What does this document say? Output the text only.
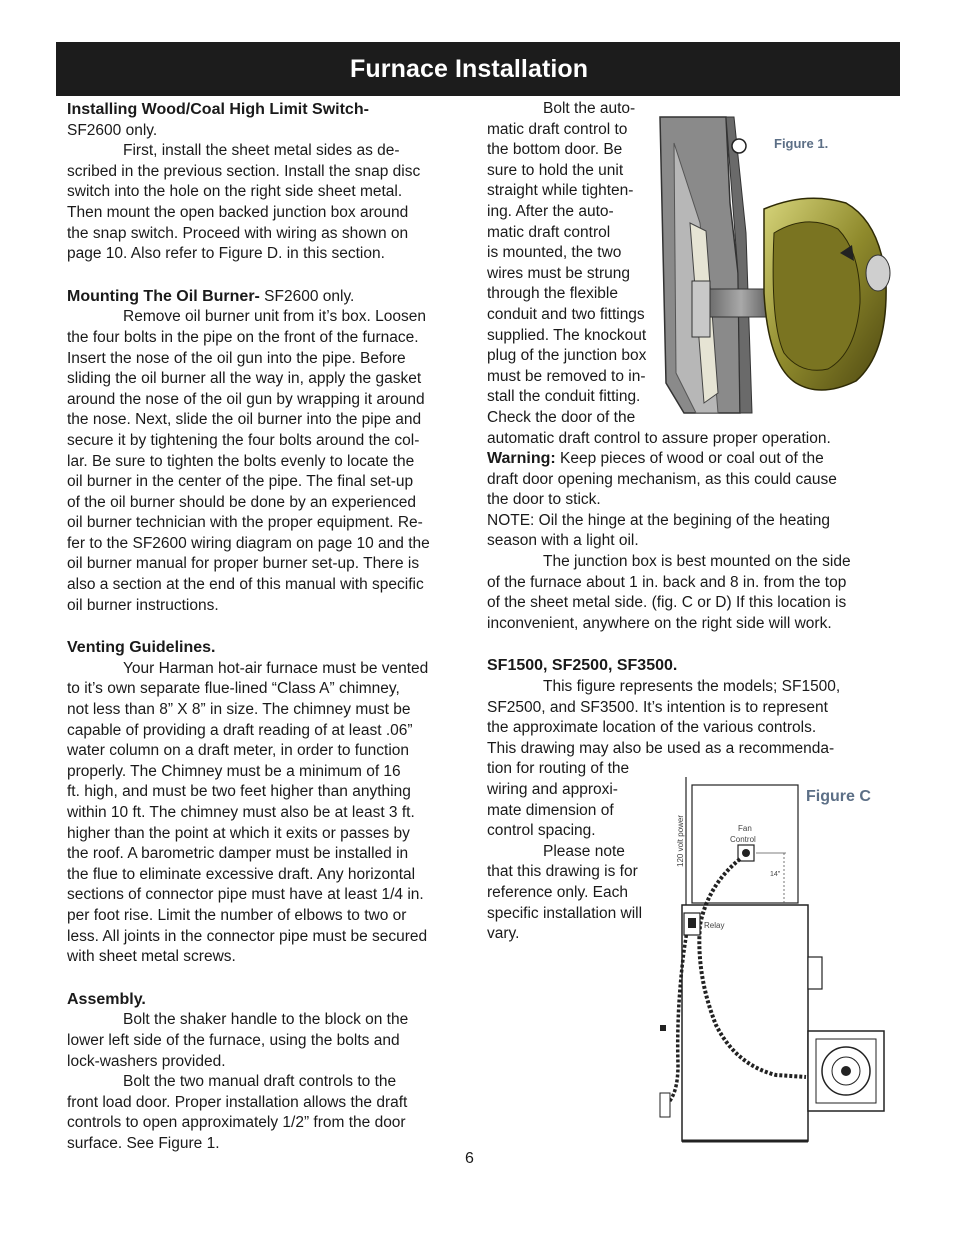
Furnace Installation

Installing Wood/Coal High Limit Switch-

SF2600 only.

First, install the sheet metal sides as de-

scribed in the previous section. Install the snap disc

switch into the hole on the right side sheet metal.

Then mount the open backed junction box around

the snap switch. Proceed with wiring as shown on

page 10. Also refer to Figure D. in this section.

Mounting The Oil Burner- SF2600 only.

Remove oil burner unit from it’s box. Loosen

the four bolts in the pipe on the front of the furnace.

Insert the nose of the oil gun into the pipe. Before

sliding the oil burner all the way in, apply the gasket

around the nose of the oil gun by wrapping it around

the nose. Next, slide the oil burner into the pipe and

secure it by tightening the four bolts around the col-

lar. Be sure to tighten the bolts evenly to locate the

oil burner in the center of the pipe. The final set-up

of the oil burner should be done by an experienced

oil burner technician with the proper equipment. Re-

fer to the SF2600 wiring diagram on page 10 and the

oil burner manual for proper burner set-up. There is

also a section at the end of this manual with specific

oil burner instructions.

Venting Guidelines.

Your Harman hot-air furnace must be vented

to it’s own separate flue-lined “Class A” chimney,

not less than 8” X 8” in size. The chimney must be

capable of providing a draft reading of at least .06”

water column on a draft meter, in order to function

properly. The Chimney must be a minimum of 16

ft. high, and must be two feet higher than anything

within 10 ft. The chimney must also be at least 3 ft.

higher than the point at which it exits or passes by

the roof. A barometric damper must be installed in

the flue to eliminate excessive draft. Any horizontal

sections of connector pipe must have at least 1/4 in.

per foot rise. Limit the number of elbows to two or

less. All joints in the connector pipe must be secured

with sheet metal screws.

Assembly.

Bolt the shaker handle to the block on the

lower left side of the furnace, using the bolts and

lock-washers provided.

Bolt the two manual draft controls to the

front load door. Proper installation allows the draft

controls to open approximately 1/2” from the door

surface. See Figure 1.

Bolt the auto-

matic draft control to

the bottom door. Be

sure to hold the unit

straight while tighten-

ing. After the auto-

matic draft control

is mounted, the two

wires must be strung

through the flexible

conduit and two fittings

supplied. The knockout

plug of the junction box

must be removed to in-

stall the conduit fitting.

Check the door of the

automatic draft control to assure proper operation.

Warning: Keep pieces of wood or coal out of the

draft door opening mechanism, as this could cause

the door to stick.

NOTE: Oil the hinge at the begining of the heating

season with a light oil.

The junction box is best mounted on the side

of the furnace about 1 in. back and 8 in. from the top

of the sheet metal side. (fig. C or D) If this location is

inconvenient, anywhere on the right side will work.

SF1500, SF2500, SF3500.

This figure represents the models; SF1500,

SF2500, and SF3500. It’s intention is to represent

the approximate location of the various controls.

This drawing may also be used as a recommenda-

tion for routing of the

wiring and approxi-

mate dimension of

control spacing.

Please note

that this drawing is for

reference only. Each

specific installation will

vary.

Figure 1.
120 volt power	Fan
Control
14"
Relay
Figure C
6
